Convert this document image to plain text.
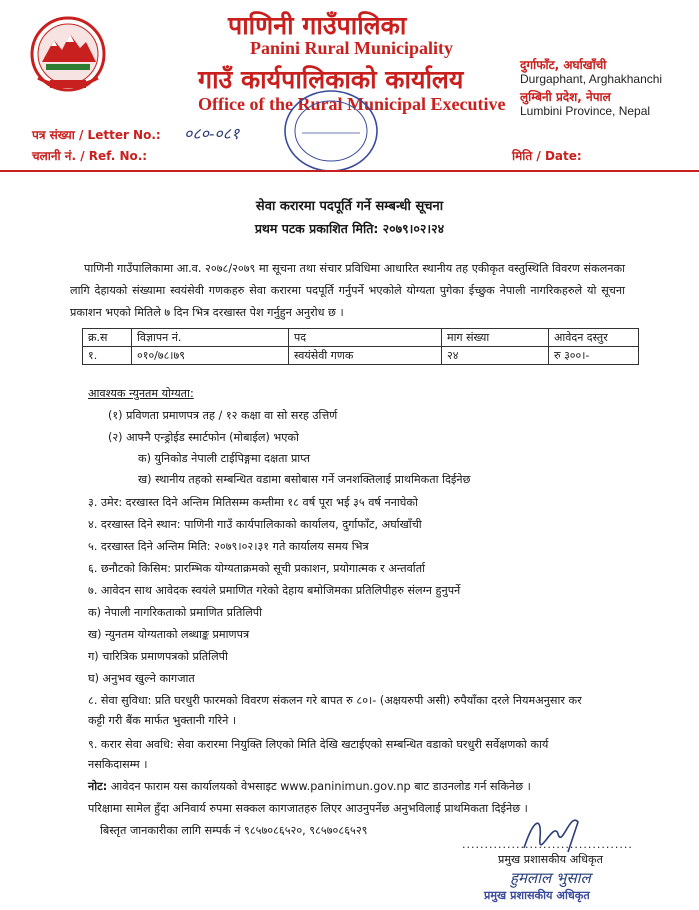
पाणिनी गाउँपालिका
Panini Rural Municipality
गाउँ कार्यपालिकाको कार्यालय
Office of the Rural Municipal Executive
दुर्गाफाँट, अर्घाखाँची
Durgaphant, Arghakhanchi
लुम्बिनी प्रदेश, नेपाल
Lumbini Province, Nepal
पत्र संख्या / Letter No.: ०८०-०८१
चलानी नं. / Ref. No.:	मिति / Date:
सेवा करारमा पदपूर्ति गर्ने सम्बन्धी सूचना
प्रथम पटक प्रकाशित मिति: २०७९।०२।२४
पाणिनी गाउँपालिकामा आ.व. २०७८/२०७९ मा सूचना तथा संचार प्रविधिमा आधारित स्थानीय तह एकीकृत वस्तुस्थिति विवरण संकलनका लागि देहायको संख्यामा स्वयंसेवी गणकहरु सेवा करारमा पदपूर्ति गर्नुपर्ने भएकोले योग्यता पुगेका ईच्छुक नेपाली नागरिकहरुले यो सूचना प्रकाशन भएको मितिले ७ दिन भित्र दरखास्त पेश गर्नुहुन अनुरोध छ ।
क्र.स	विज्ञापन नं.	पद	माग संख्या	आवेदन दस्तुर
१.	०१०/७८।७९	स्वयंसेवी गणक	२४	रु ३००।-
आवश्यक न्युनतम योग्यता:
(१) प्रविणता प्रमाणपत्र तह / १२ कक्षा वा सो सरह उत्तिर्ण
(२) आफ्नै एन्ड्रोईड स्मार्टफोन (मोबाईल) भएको
क) युनिकोड नेपाली टाईपिङ्गमा दक्षता प्राप्त
ख) स्थानीय तहको सम्बन्धित वडामा बसोबास गर्ने जनशक्तिलाई प्राथमिकता दिईनेछ
३. उमेर: दरखास्त दिने अन्तिम मितिसम्म कम्तीमा १८ वर्ष पूरा भई ३५ वर्ष ननाघेको
४. दरखास्त दिने स्थान: पाणिनी गाउँ कार्यपालिकाको कार्यालय, दुर्गाफाँट, अर्घाखाँची
५. दरखास्त दिने अन्तिम मिति: २०७९।०२।३१ गते कार्यालय समय भित्र
६. छनौटको किसिम: प्रारम्भिक योग्यताक्रमको सूची प्रकाशन, प्रयोगात्मक र अन्तर्वार्ता
७. आवेदन साथ आवेदक स्वयंले प्रमाणित गरेको देहाय बमोजिमका प्रतिलिपीहरु संलग्न हुनुपर्ने
क) नेपाली नागरिकताको प्रमाणित प्रतिलिपी
ख) न्युनतम योग्यताको लब्धाङ्क प्रमाणपत्र
ग) चारित्रिक प्रमाणपत्रको प्रतिलिपी
घ) अनुभव खुल्ने कागजात
८. सेवा सुविधा: प्रति घरधुरी फारमको विवरण संकलन गरे बापत रु ८०।- (अक्षयरुपी असी) रुपैयाँका दरले नियमअनुसार कर
कट्टी गरी बैंक मार्फत भुक्तानी गरिने ।
९. करार सेवा अवधि: सेवा करारमा नियुक्ति लिएको मिति देखि खटाईएको सम्बन्धित वडाको घरधुरी सर्वेक्षणको कार्य
नसकिदासम्म ।
नोट: आवेदन फाराम यस कार्यालयको वेभसाइट www.paninimun.gov.np बाट डाउनलोड गर्न सकिनेछ ।
परिक्षामा सामेल हुँदा अनिवार्य रुपमा सक्कल कागजातहरु लिएर आउनुपर्नेछ अनुभविलाई प्राथमिकता दिईनेछ ।
बिस्तृत जानकारीका लागि सम्पर्क नं ९८५७०८६५२०, ९८५७०८६५२९
......................................
प्रमुख प्रशासकीय अधिकृत
हुमलाल भुसाल
प्रमुख प्रशासकीय अधिकृत
